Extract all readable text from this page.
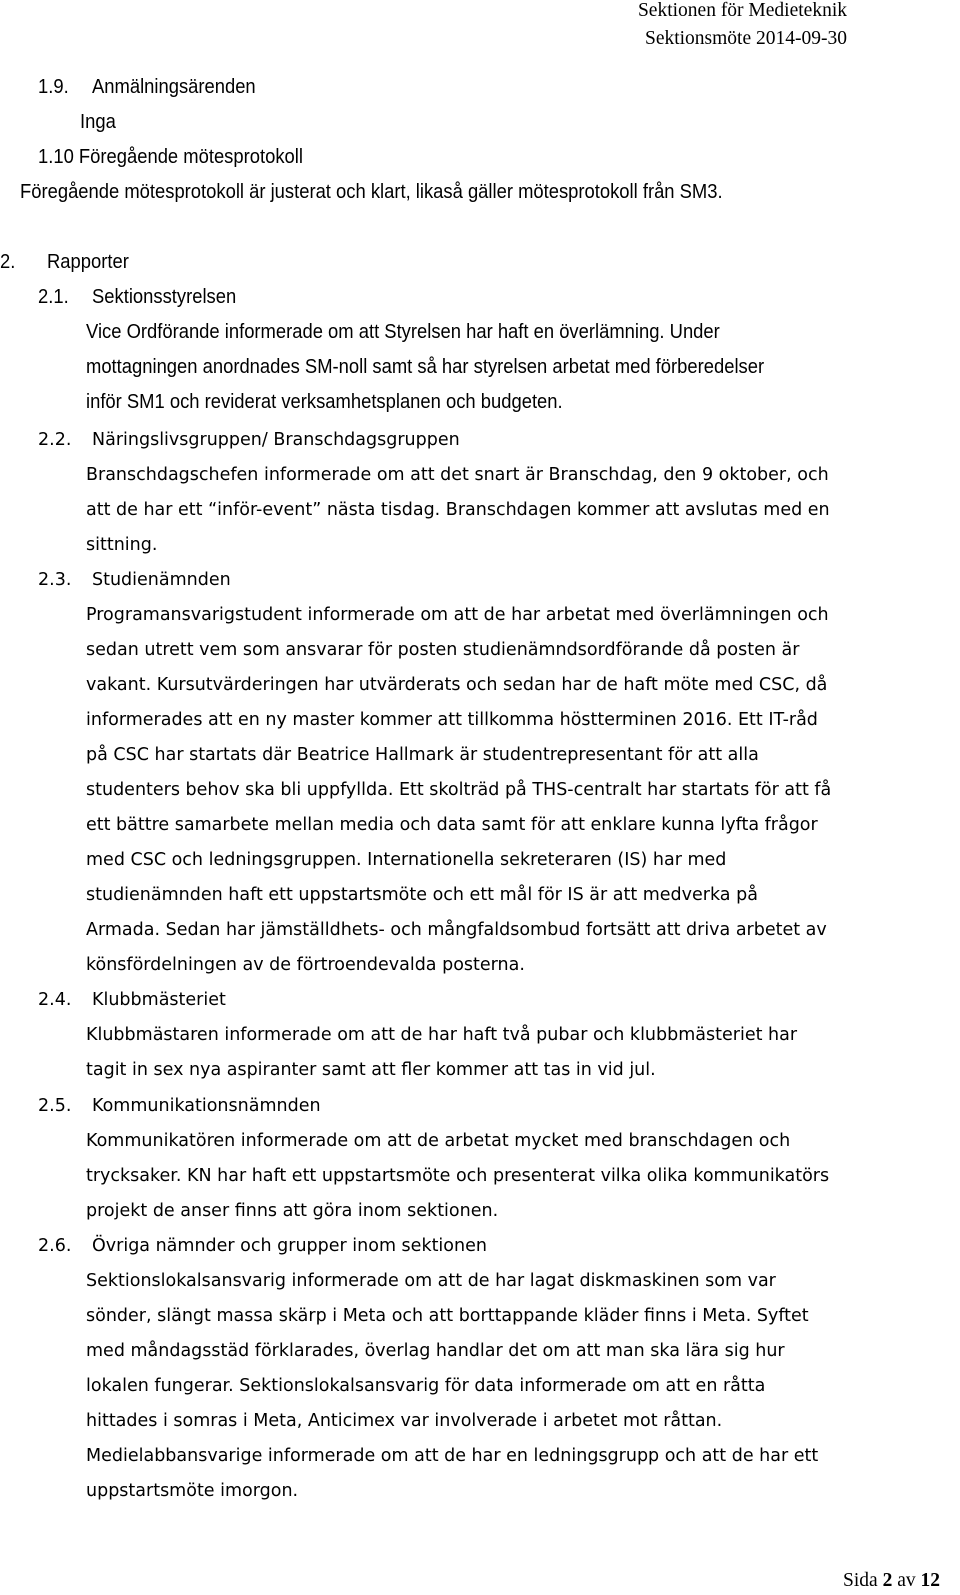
Sektionen för Medieteknik
Sektionsmöte 2014-09-30
1.9. Anmälningsärenden
Inga
1.10 Föregående mötesprotokoll
Föregående mötesprotokoll är justerat och klart, likaså gäller mötesprotokoll från SM3.
2. Rapporter
2.1. Sektionsstyrelsen
Vice Ordförande informerade om att Styrelsen har haft en överlämning. Under
mottagningen anordnades SM-noll samt så har styrelsen arbetat med förberedelser
inför SM1 och reviderat verksamhetsplanen och budgeten.
2.2. Näringslivsgruppen/ Branschdagsgruppen
Branschdagschefen informerade om att det snart är Branschdag, den 9 oktober, och
att de har ett “inför-event” nästa tisdag. Branschdagen kommer att avslutas med en
sittning.
2.3. Studienämnden
Programansvarigstudent informerade om att de har arbetat med överlämningen och
sedan utrett vem som ansvarar för posten studienämndsordförande då posten är
vakant. Kursutvärderingen har utvärderats och sedan har de haft möte med CSC, då
informerades att en ny master kommer att tillkomma höstterminen 2016. Ett IT-råd
på CSC har startats där Beatrice Hallmark är studentrepresentant för att alla
studenters behov ska bli uppfyllda. Ett skolträd på THS-centralt har startats för att få
ett bättre samarbete mellan media och data samt för att enklare kunna lyfta frågor
med CSC och ledningsgruppen. Internationella sekreteraren (IS) har med
studienämnden haft ett uppstartsmöte och ett mål för IS är att medverka på
Armada. Sedan har jämställdhets- och mångfaldsombud fortsätt att driva arbetet av
könsfördelningen av de förtroendevalda posterna.
2.4. Klubbmästeriet
Klubbmästaren informerade om att de har haft två pubar och klubbmästeriet har
tagit in sex nya aspiranter samt att fler kommer att tas in vid jul.
2.5. Kommunikationsnämnden
Kommunikatören informerade om att de arbetat mycket med branschdagen och
trycksaker. KN har haft ett uppstartsmöte och presenterat vilka olika kommunikatörs
projekt de anser finns att göra inom sektionen.
2.6. Övriga nämnder och grupper inom sektionen
Sektionslokalsansvarig informerade om att de har lagat diskmaskinen som var
sönder, slängt massa skärp i Meta och att borttappande kläder finns i Meta. Syftet
med måndagsstäd förklarades, överlag handlar det om att man ska lära sig hur
lokalen fungerar. Sektionslokalsansvarig för data informerade om att en råtta
hittades i somras i Meta, Anticimex var involverade i arbetet mot råttan.
Medielabbansvarige informerade om att de har en ledningsgrupp och att de har ett
uppstartsmöte imorgon.
Sida 2 av 12
